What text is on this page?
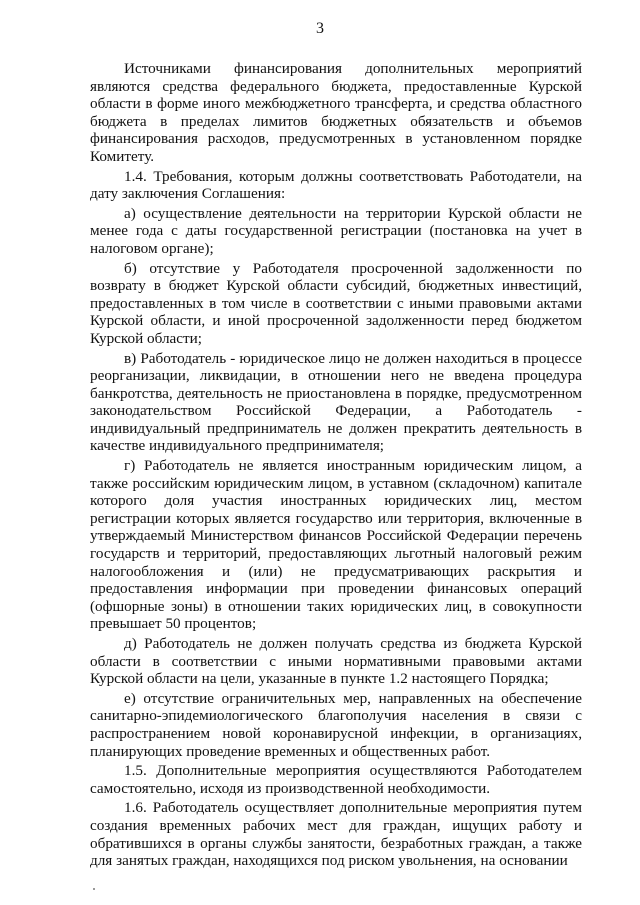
3

Источниками финансирования дополнительных мероприятий являются средства федерального бюджета, предоставленные Курской области в форме иного межбюджетного трансферта, и средства областного бюджета в пределах лимитов бюджетных обязательств и объемов финансирования расходов, предусмотренных в установленном порядке Комитету.

1.4. Требования, которым должны соответствовать Работодатели, на дату заключения Соглашения:

а) осуществление деятельности на территории Курской области не менее года с даты государственной регистрации (постановка на учет в налоговом органе);

б) отсутствие у Работодателя просроченной задолженности по возврату в бюджет Курской области субсидий, бюджетных инвестиций, предоставленных в том числе в соответствии с иными правовыми актами Курской области, и иной просроченной задолженности перед бюджетом Курской области;

в) Работодатель - юридическое лицо не должен находиться в процессе реорганизации, ликвидации, в отношении него не введена процедура банкротства, деятельность не приостановлена в порядке, предусмотренном законодательством Российской Федерации, а Работодатель - индивидуальный предприниматель не должен прекратить деятельность в качестве индивидуального предпринимателя;

г) Работодатель не является иностранным юридическим лицом, а также российским юридическим лицом, в уставном (складочном) капитале которого доля участия иностранных юридических лиц, местом регистрации которых является государство или территория, включенные в утверждаемый Министерством финансов Российской Федерации перечень государств и территорий, предоставляющих льготный налоговый режим налогообложения и (или) не предусматривающих раскрытия и предоставления информации при проведении финансовых операций (офшорные зоны) в отношении таких юридических лиц, в совокупности превышает 50 процентов;

д) Работодатель не должен получать средства из бюджета Курской области в соответствии с иными нормативными правовыми актами Курской области на цели, указанные в пункте 1.2 настоящего Порядка;

е) отсутствие ограничительных мер, направленных на обеспечение санитарно-эпидемиологического благополучия населения в связи с распространением новой коронавирусной инфекции, в организациях, планирующих проведение временных и общественных работ.

1.5. Дополнительные мероприятия осуществляются Работодателем самостоятельно, исходя из производственной необходимости.

1.6. Работодатель осуществляет дополнительные мероприятия путем создания временных рабочих мест для граждан, ищущих работу и обратившихся в органы службы занятости, безработных граждан, а также для занятых граждан, находящихся под риском увольнения, на основании
